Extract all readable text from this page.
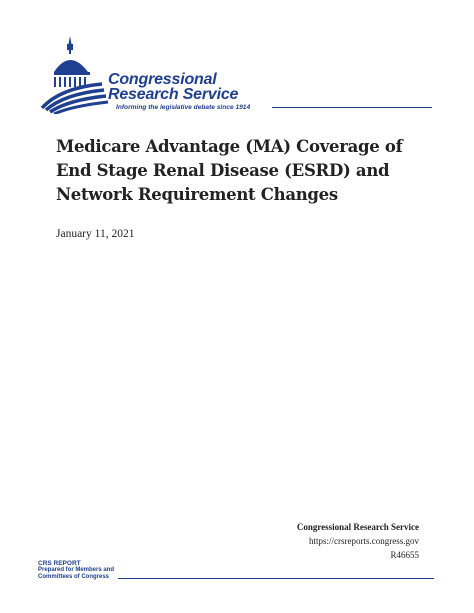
Congressional
Research Service
Informing the legislative debate since 1914
Medicare Advantage (MA) Coverage of End Stage Renal Disease (ESRD) and Network Requirement Changes
January 11, 2021
Congressional Research Service
https://crsreports.congress.gov
R46655
CRS REPORT
Prepared for Members and
Committees of Congress
